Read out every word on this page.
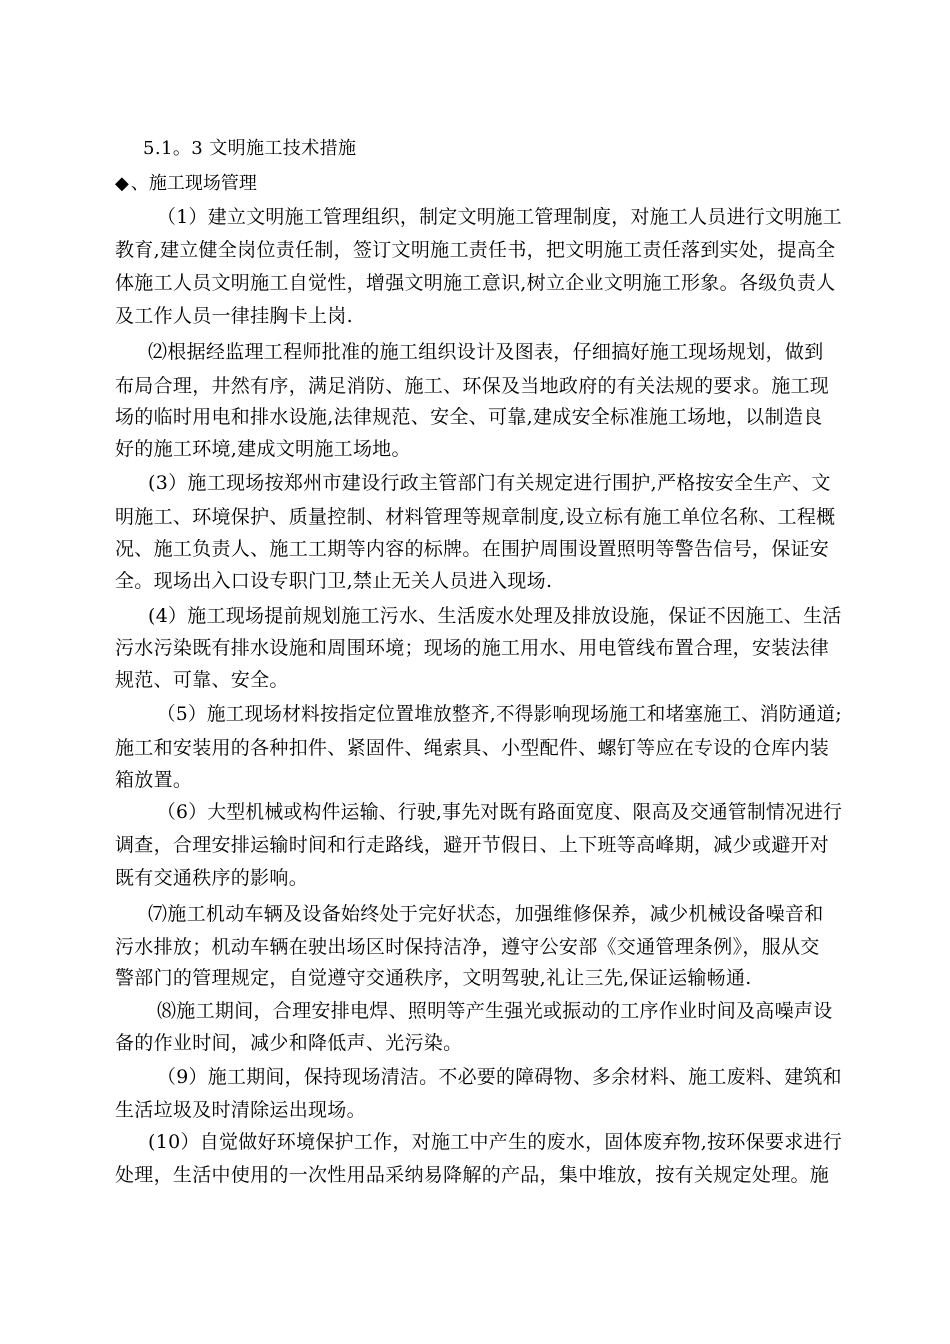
5.1。3 文明施工技术措施
◆ 、施工现场管理
（1）建立文明施工管理组织，制定文明施工管理制度，对施工人员进行文明施工
教育,建立健全岗位责任制，签订文明施工责任书，把文明施工责任落到实处，提高全
体施工人员文明施工自觉性，增强文明施工意识,树立企业文明施工形象。各级负责人
及工作人员一律挂胸卡上岗.
⑵根据经监理工程师批准的施工组织设计及图表，仔细搞好施工现场规划，做到
布局合理，井然有序，满足消防、施工、环保及当地政府的有关法规的要求。施工现
场的临时用电和排水设施,法律规范、安全、可靠,建成安全标准施工场地，以制造良
好的施工环境,建成文明施工场地。
(3）施工现场按郑州市建设行政主管部门有关规定进行围护,严格按安全生产、文
明施工、环境保护、质量控制、材料管理等规章制度,设立标有施工单位名称、工程概
况、施工负责人、施工工期等内容的标牌。在围护周围设置照明等警告信号，保证安
全。现场出入口设专职门卫,禁止无关人员进入现场.
(4）施工现场提前规划施工污水、生活废水处理及排放设施，保证不因施工、生活
污水污染既有排水设施和周围环境；现场的施工用水、用电管线布置合理，安装法律
规范、可靠、安全。
（5）施工现场材料按指定位置堆放整齐,不得影响现场施工和堵塞施工、消防通道;
施工和安装用的各种扣件、紧固件、绳索具、小型配件、螺钉等应在专设的仓库内装
箱放置。
（6）大型机械或构件运输、行驶,事先对既有路面宽度、限高及交通管制情况进行
调查，合理安排运输时间和行走路线，避开节假日、上下班等高峰期，减少或避开对
既有交通秩序的影响。
⑺施工机动车辆及设备始终处于完好状态，加强维修保养，减少机械设备噪音和
污水排放；机动车辆在驶出场区时保持洁净，遵守公安部《交通管理条例》，服从交
警部门的管理规定，自觉遵守交通秩序，文明驾驶,礼让三先,保证运输畅通.
⑻施工期间，合理安排电焊、照明等产生强光或振动的工序作业时间及高噪声设
备的作业时间，减少和降低声、光污染。
（9）施工期间，保持现场清洁。不必要的障碍物、多余材料、施工废料、建筑和
生活垃圾及时清除运出现场。
(10）自觉做好环境保护工作，对施工中产生的废水，固体废弃物,按环保要求进行
处理，生活中使用的一次性用品采纳易降解的产品，集中堆放，按有关规定处理。施
